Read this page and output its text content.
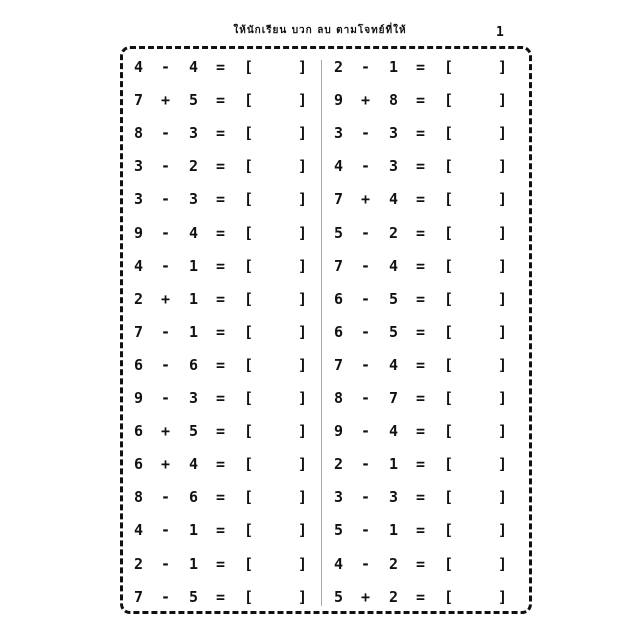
ให้นักเรียน บวก ลบ ตามโจทย์ที่ให้	1
4 - 4 = [	]
7 + 5 = [	]
8 - 3 = [	]
3 - 2 = [	]
3 - 3 = [	]
9 - 4 = [	]
4 - 1 = [	]
2 + 1 = [	]
7 - 1 = [	]
6 - 6 = [	]
9 - 3 = [	]
6 + 5 = [	]
6 + 4 = [	]
8 - 6 = [	]
4 - 1 = [	]
2 - 1 = [	]
7 - 5 = [	]
2 - 1 = [	]
9 + 8 = [	]
3 - 3 = [	]
4 - 3 = [	]
7 + 4 = [	]
5 - 2 = [	]
7 - 4 = [	]
6 - 5 = [	]
6 - 5 = [	]
7 - 4 = [	]
8 - 7 = [	]
9 - 4 = [	]
2 - 1 = [	]
3 - 3 = [	]
5 - 1 = [	]
4 - 2 = [	]
5 + 2 = [	]
